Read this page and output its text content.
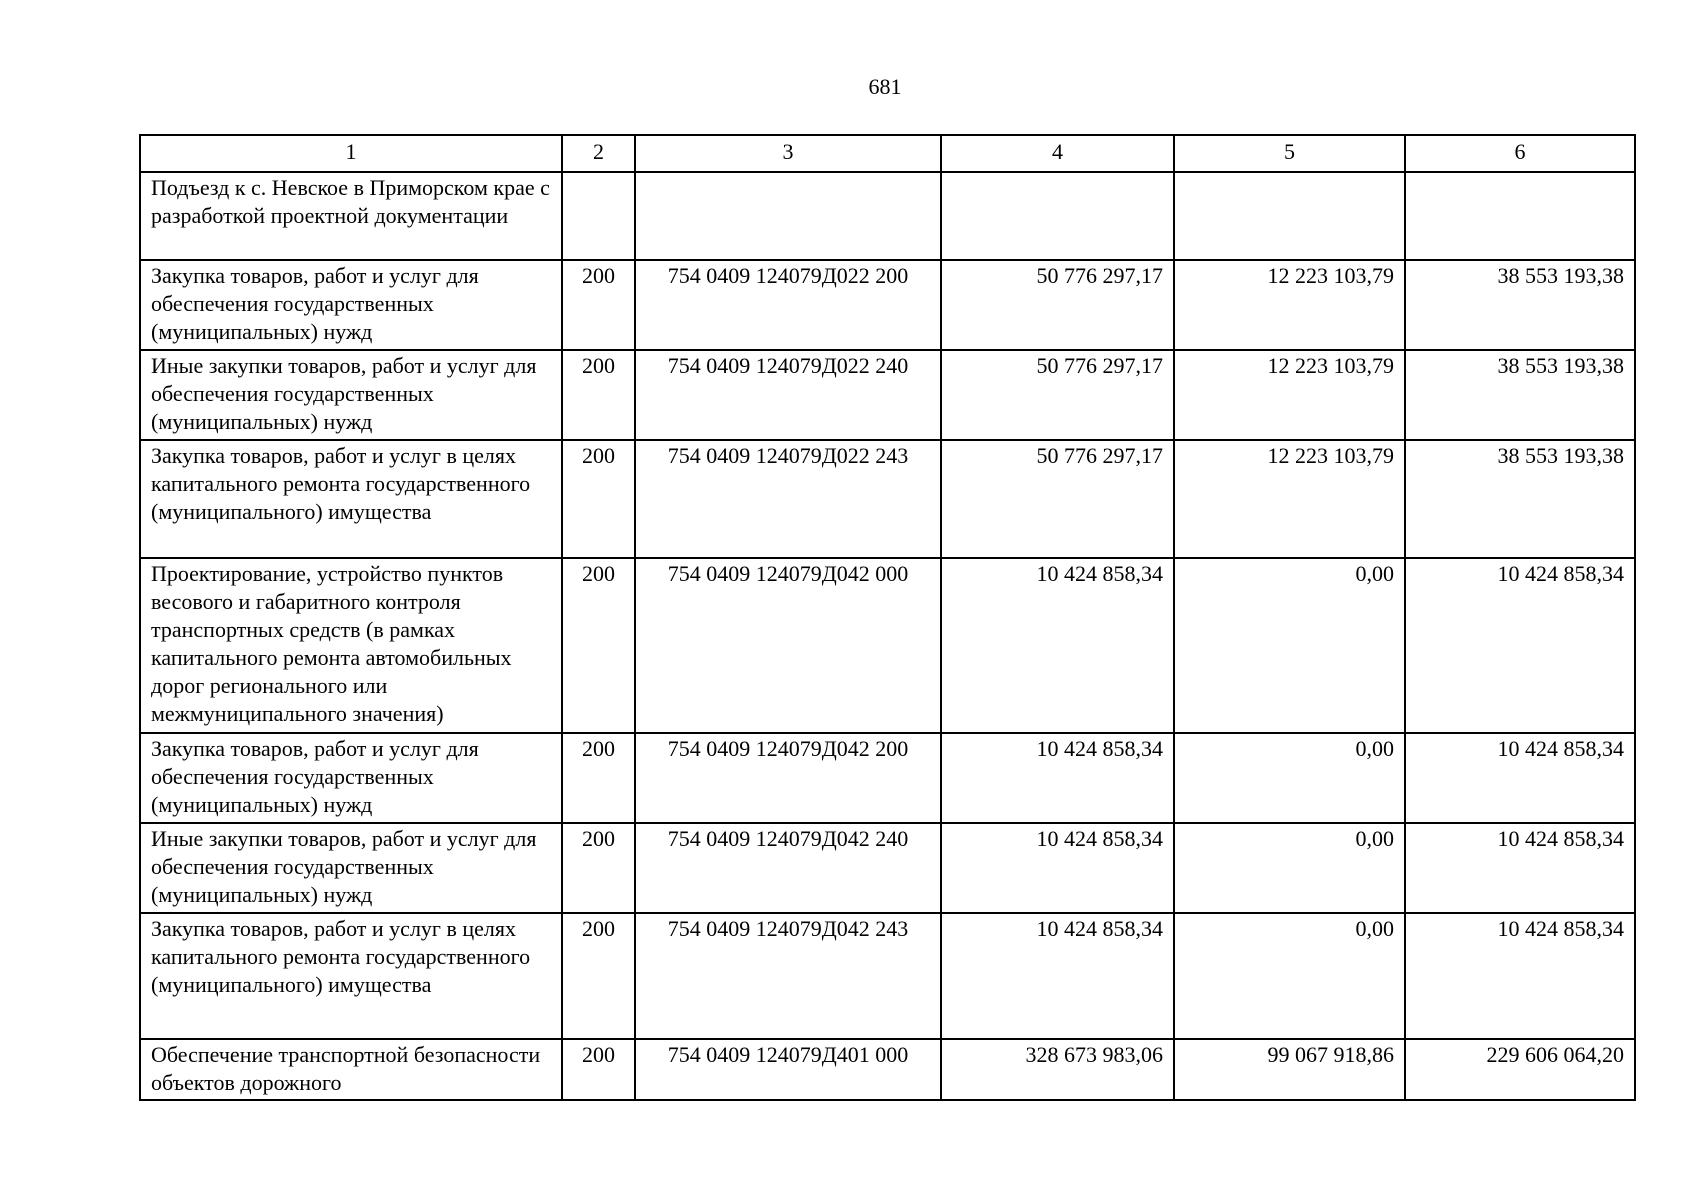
681
1	2	3	4	5	6
Подъезд к с. Невское в Приморском крае с разработкой проектной документации					
Закупка товаров, работ и услуг для обеспечения государственных (муниципальных) нужд	200	754 0409 124079Д022 200	50 776 297,17	12 223 103,79	38 553 193,38
Иные закупки товаров, работ и услуг для обеспечения государственных (муниципальных) нужд	200	754 0409 124079Д022 240	50 776 297,17	12 223 103,79	38 553 193,38
Закупка товаров, работ и услуг в целях капитального ремонта государственного (муниципального) имущества	200	754 0409 124079Д022 243	50 776 297,17	12 223 103,79	38 553 193,38
Проектирование, устройство пунктов весового и габаритного контроля транспортных средств (в рамках капитального ремонта автомобильных дорог регионального или межмуниципального значения)	200	754 0409 124079Д042 000	10 424 858,34	0,00	10 424 858,34
Закупка товаров, работ и услуг для обеспечения государственных (муниципальных) нужд	200	754 0409 124079Д042 200	10 424 858,34	0,00	10 424 858,34
Иные закупки товаров, работ и услуг для обеспечения государственных (муниципальных) нужд	200	754 0409 124079Д042 240	10 424 858,34	0,00	10 424 858,34
Закупка товаров, работ и услуг в целях капитального ремонта государственного (муниципального) имущества	200	754 0409 124079Д042 243	10 424 858,34	0,00	10 424 858,34
Обеспечение транспортной безопасности объектов дорожного	200	754 0409 124079Д401 000	328 673 983,06	99 067 918,86	229 606 064,20
